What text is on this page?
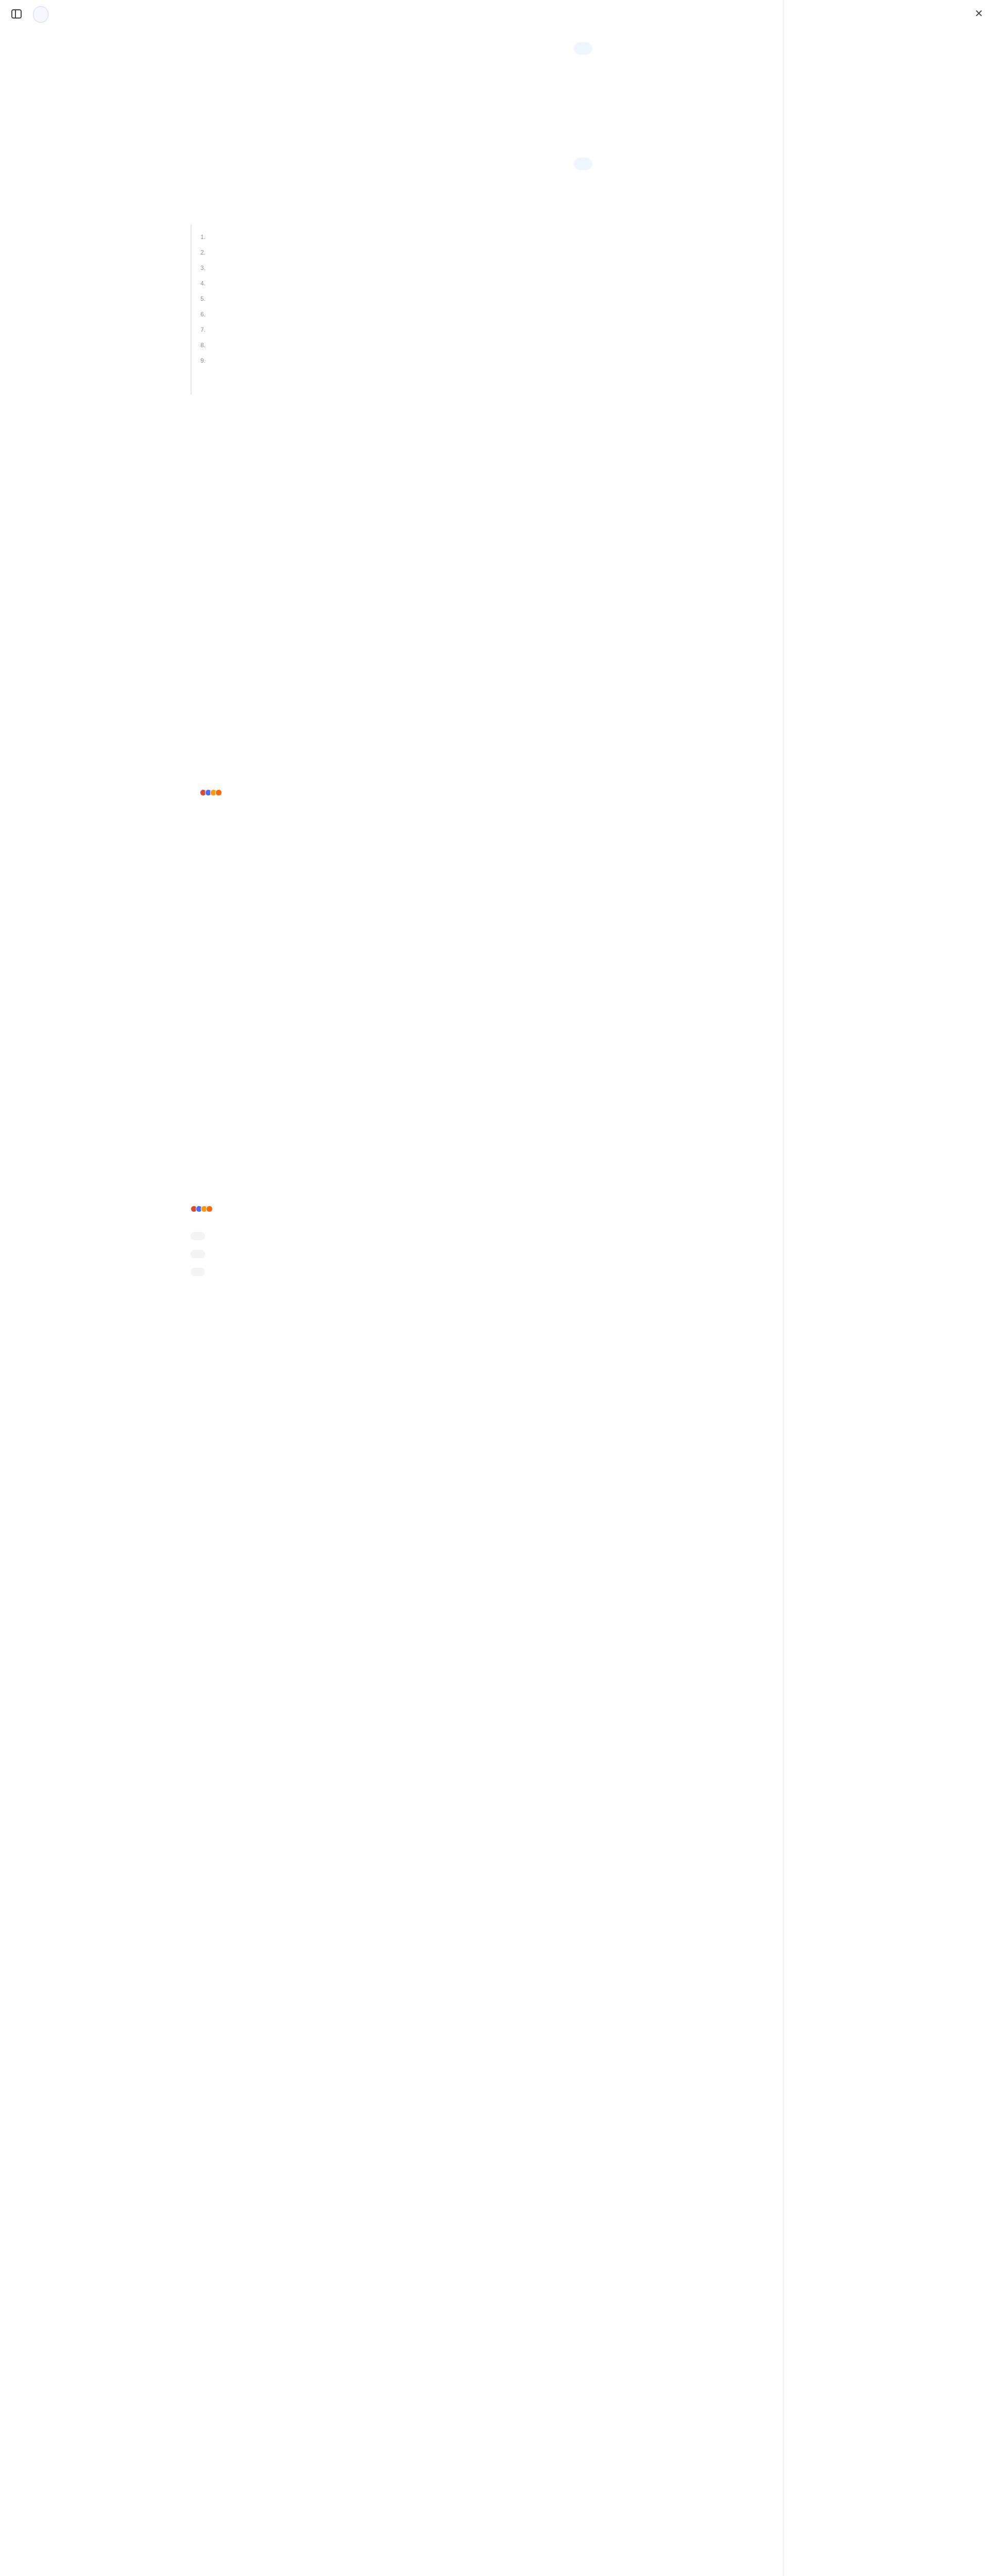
1.
2.
3.
4.
5.
6.
7.
8.
9.

✕
